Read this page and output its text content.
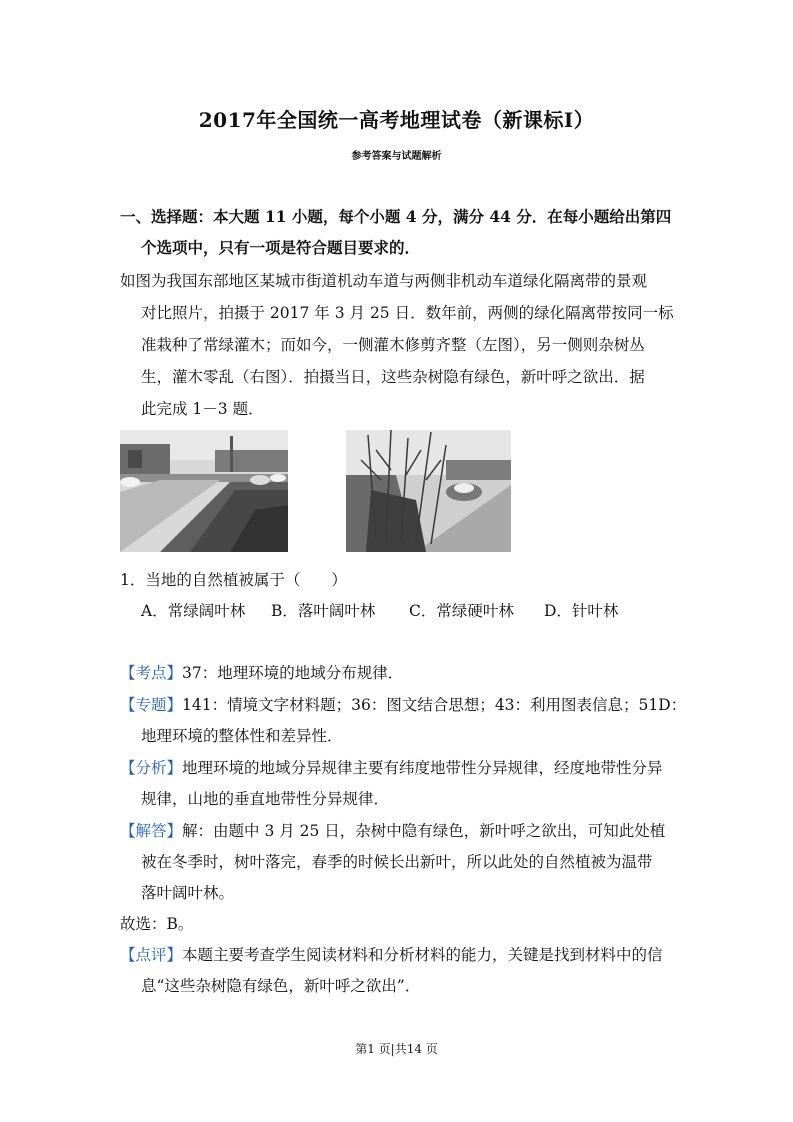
2017年全国统一高考地理试卷（新课标I）
参考答案与试题解析
一、选择题：本大题 11 小题，每个小题 4 分，满分 44 分．在每小题给出第四
个选项中，只有一项是符合题目要求的．
如图为我国东部地区某城市街道机动车道与两侧非机动车道绿化隔离带的景观
对比照片，拍摄于 2017 年 3 月 25 日．数年前，两侧的绿化隔离带按同一标
准栽种了常绿灌木；而如今，一侧灌木修剪齐整（左图），另一侧则杂树丛
生，灌木零乱（右图）．拍摄当日，这些杂树隐有绿色，新叶呼之欲出．据
此完成 1－3 题．
1．当地的自然植被属于（　　）
A．常绿阔叶林 B．落叶阔叶林 C．常绿硬叶林 D．针叶林
【考点】37：地理环境的地域分布规律．
【专题】141：情境文字材料题；36：图文结合思想；43：利用图表信息；51D：
地理环境的整体性和差异性．
【分析】地理环境的地域分异规律主要有纬度地带性分异规律，经度地带性分异
规律，山地的垂直地带性分异规律．
【解答】解：由题中 3 月 25 日，杂树中隐有绿色，新叶呼之欲出，可知此处植
被在冬季时，树叶落完，春季的时候长出新叶，所以此处的自然植被为温带
落叶阔叶林。
故选：B。
【点评】本题主要考查学生阅读材料和分析材料的能力，关键是找到材料中的信
息“这些杂树隐有绿色，新叶呼之欲出”．
第1 页|共14 页
